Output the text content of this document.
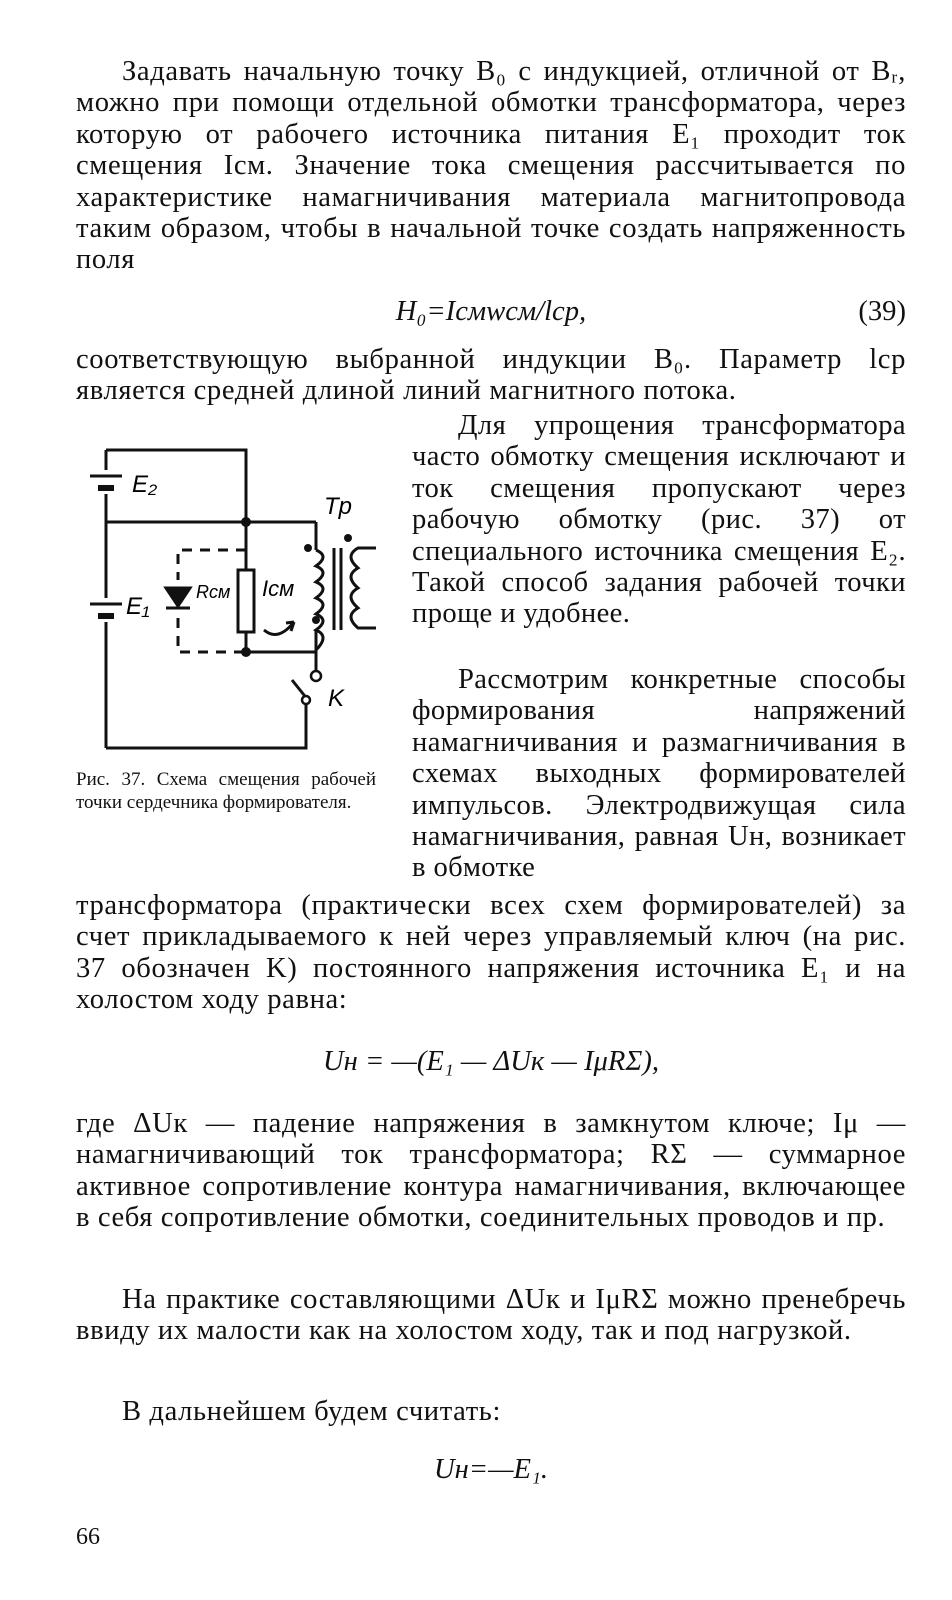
Задавать начальную точку B₀ с индукцией, отличной от Bᵣ, можно при помощи отдельной обмотки трансформатора, через которую от рабочего источника питания E₁ проходит ток смещения Iсм. Значение тока смещения рассчитывается по характеристике намагничивания материала магнитопровода таким образом, чтобы в начальной точке создать напряженность поля
H₀=Iсмwсм/lср,	(39)
соответствующую выбранной индукции B₀. Параметр lср является средней длиной линий магнитного потока.
E₂
E₁
Tp
Rсм Iсм
K
Для упрощения трансформатора часто обмотку смещения исключают и ток смещения пропускают через рабочую обмотку (рис. 37) от специального источника смещения E₂. Такой способ задания рабочей точки проще и удобнее.
Рассмотрим конкретные способы формирования напряжений намагничивания и размагничивания в схемах выходных формирователей импульсов. Электродвижущая сила намагничивания, равная Uн, возникает в обмотке
Рис. 37. Схема смещения рабочей точки сердечника формирователя.
трансформатора (практически всех схем формирователей) за счет прикладываемого к ней через управляемый ключ (на рис. 37 обозначен K) постоянного напряжения источника E₁ и на холостом ходу равна:
Uн = —(E₁ — ΔUк — IμRΣ),
где ΔUк — падение напряжения в замкнутом ключе; Iμ — намагничивающий ток трансформатора; RΣ — суммарное активное сопротивление контура намагничивания, включающее в себя сопротивление обмотки, соединительных проводов и пр.
На практике составляющими ΔUк и IμRΣ можно пренебречь ввиду их малости как на холостом ходу, так и под нагрузкой.
В дальнейшем будем считать:
Uн=—E₁.
66
